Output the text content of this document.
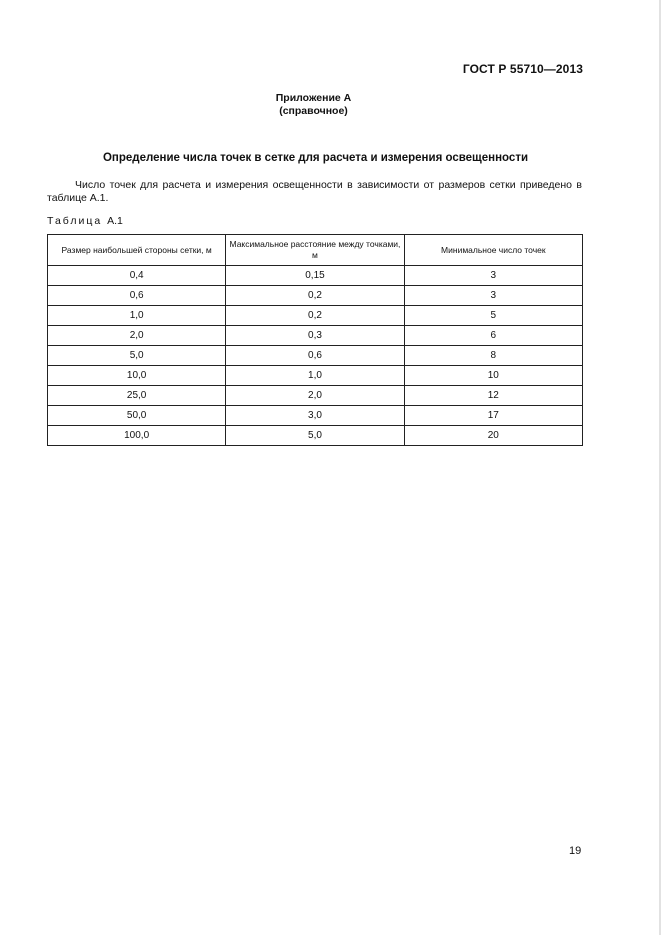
ГОСТ Р 55710—2013
Приложение А
(справочное)
Определение числа точек в сетке для расчета и измерения освещенности
Число точек для расчета и измерения освещенности в зависимости от размеров сетки приведено в таблице А.1.
Таблица А.1
Размер наибольшей стороны сетки, м	Максимальное расстояние между точками, м	Минимальное число точек
0,4	0,15	3
0,6	0,2	3
1,0	0,2	5
2,0	0,3	6
5,0	0,6	8
10,0	1,0	10
25,0	2,0	12
50,0	3,0	17
100,0	5,0	20
19
